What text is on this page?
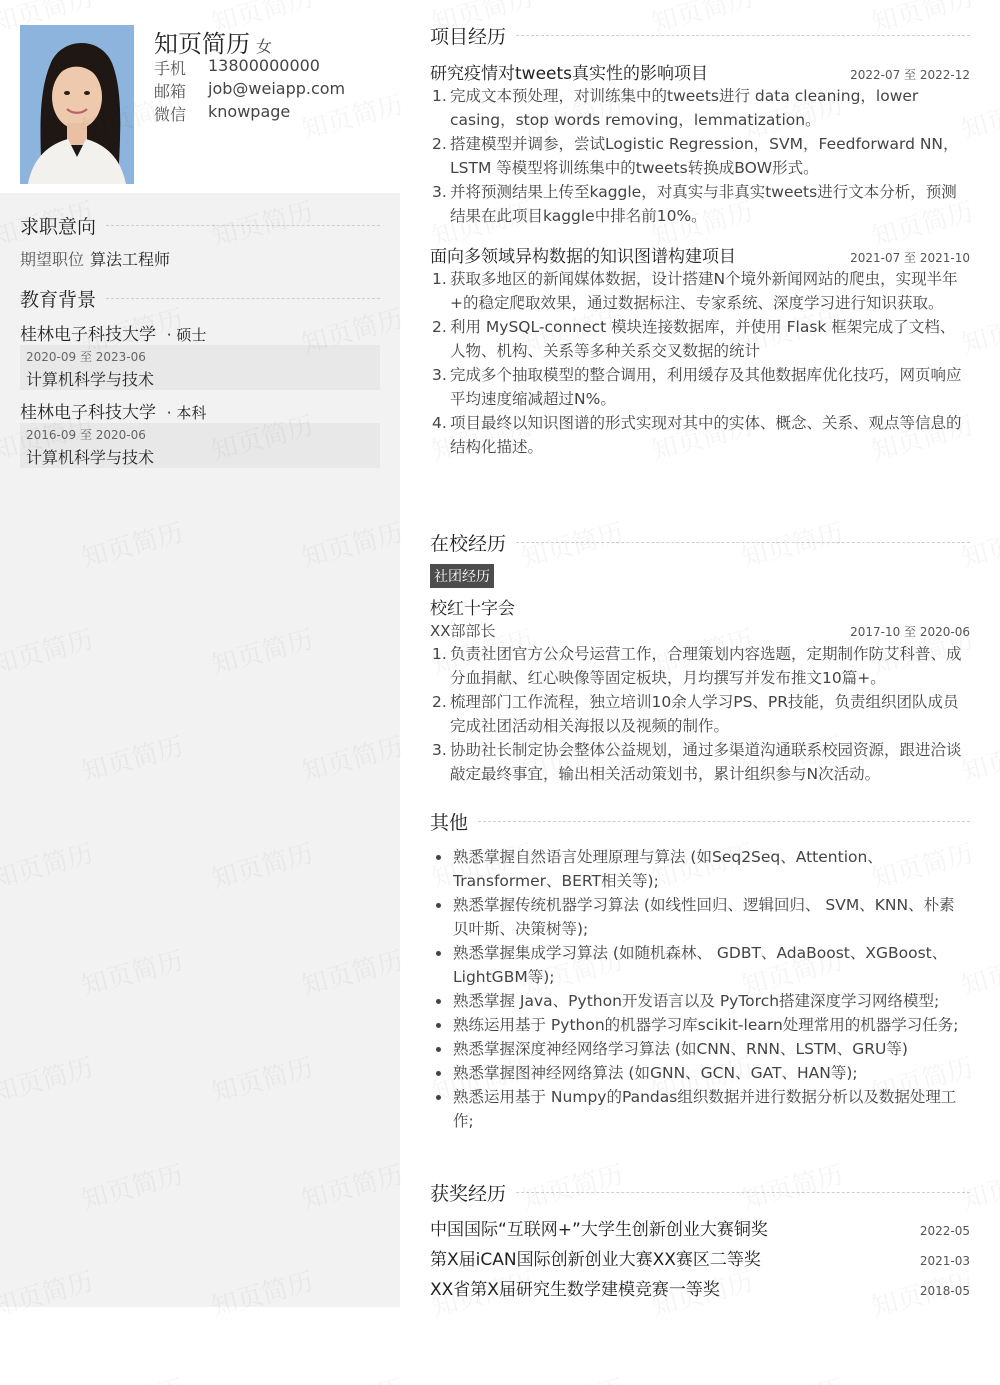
知页简历 女
手机	13800000000
邮箱	job@weiapp.com
微信	knowpage
求职意向
期望职位 算法工程师
教育背景
桂林电子科技大学 · 硕士
2020-09 至 2023-06
计算机科学与技术
桂林电子科技大学 · 本科
2016-09 至 2020-06
计算机科学与技术
项目经历
研究疫情对tweets真实性的影响项目	2022-07 至 2022-12
1. 完成文本预处理，对训练集中的tweets进行 data cleaning，lower casing，stop words removing，lemmatization。
2. 搭建模型并调参，尝试Logistic Regression，SVM，Feedforward NN，LSTM 等模型将训练集中的tweets转换成BOW形式。
3. 并将预测结果上传至kaggle，对真实与非真实tweets进行文本分析，预测结果在此项目kaggle中排名前10%。
面向多领域异构数据的知识图谱构建项目	2021-07 至 2021-10
1. 获取多地区的新闻媒体数据，设计搭建N个境外新闻网站的爬虫，实现半年+的稳定爬取效果，通过数据标注、专家系统、深度学习进行知识获取。
2. 利用 MySQL-connect 模块连接数据库，并使用 Flask 框架完成了文档、人物、机构、关系等多种关系交叉数据的统计
3. 完成多个抽取模型的整合调用，利用缓存及其他数据库优化技巧，网页响应平均速度缩减超过N%。
4. 项目最终以知识图谱的形式实现对其中的实体、概念、关系、观点等信息的结构化描述。
在校经历
社团经历
校红十字会
XX部部长	2017-10 至 2020-06
1. 负责社团官方公众号运营工作，合理策划内容选题，定期制作防艾科普、成分血捐献、红心映像等固定板块，月均撰写并发布推文10篇+。
2. 梳理部门工作流程，独立培训10余人学习PS、PR技能，负责组织团队成员完成社团活动相关海报以及视频的制作。
3. 协助社长制定协会整体公益规划，通过多渠道沟通联系校园资源，跟进洽谈敲定最终事宜，输出相关活动策划书，累计组织参与N次活动。
其他
熟悉掌握自然语言处理原理与算法 (如Seq2Seq、Attention、Transformer、BERT相关等);
熟悉掌握传统机器学习算法 (如线性回归、逻辑回归、 SVM、KNN、朴素贝叶斯、决策树等);
熟悉掌握集成学习算法 (如随机森林、 GDBT、AdaBoost、XGBoost、LightGBM等);
熟悉掌握 Java、Python开发语言以及 PyTorch搭建深度学习网络模型;
熟练运用基于 Python的机器学习库scikit-learn处理常用的机器学习任务;
熟悉掌握深度神经网络学习算法 (如CNN、RNN、LSTM、GRU等)
熟悉掌握图神经网络算法 (如GNN、GCN、GAT、HAN等);
熟悉运用基于 Numpy的Pandas组织数据并进行数据分析以及数据处理工作;
获奖经历
中国国际“互联网+”大学生创新创业大赛铜奖	2022-05
第X届iCAN国际创新创业大赛XX赛区二等奖	2021-03
XX省第X届研究生数学建模竞赛一等奖	2018-05
